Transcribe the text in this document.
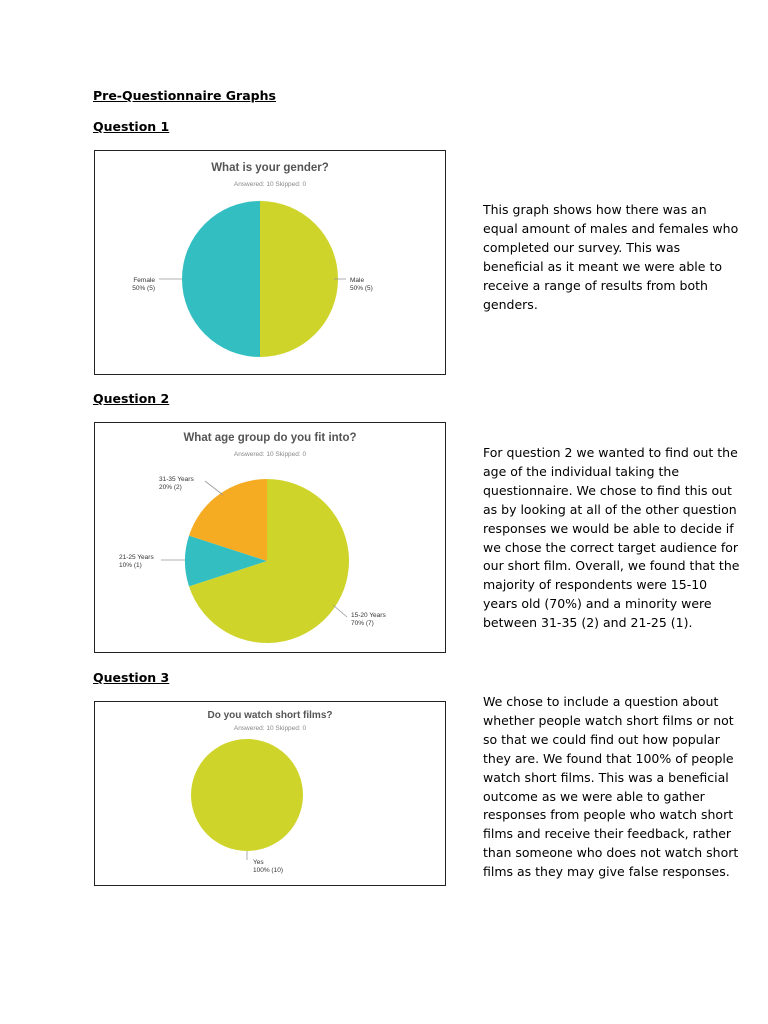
Pre-Questionnaire Graphs
Question 1
What is your gender?
Answered: 10 Skipped: 0
Male
50% (5)
Female
50% (5)

This graph shows how there was an equal amount of males and females who completed our survey. This was beneficial as it meant we were able to receive a range of results from both genders.

Question 2
What age group do you fit into?
Answered: 10 Skipped: 0
15-20 Years
70% (7)
21-25 Years
10% (1)
31-35 Years
20% (2)

For question 2 we wanted to find out the age of the individual taking the questionnaire. We chose to find this out as by looking at all of the other question responses we would be able to decide if we chose the correct target audience for our short film. Overall, we found that the majority of respondents were 15-10 years old (70%) and a minority were between 31-35 (2) and 21-25 (1).

Question 3
Do you watch short films?
Answered: 10 Skipped: 0
Yes
100% (10)

We chose to include a question about whether people watch short films or not so that we could find out how popular they are. We found that 100% of people watch short films. This was a beneficial outcome as we were able to gather responses from people who watch short films and receive their feedback, rather than someone who does not watch short films as they may give false responses.
